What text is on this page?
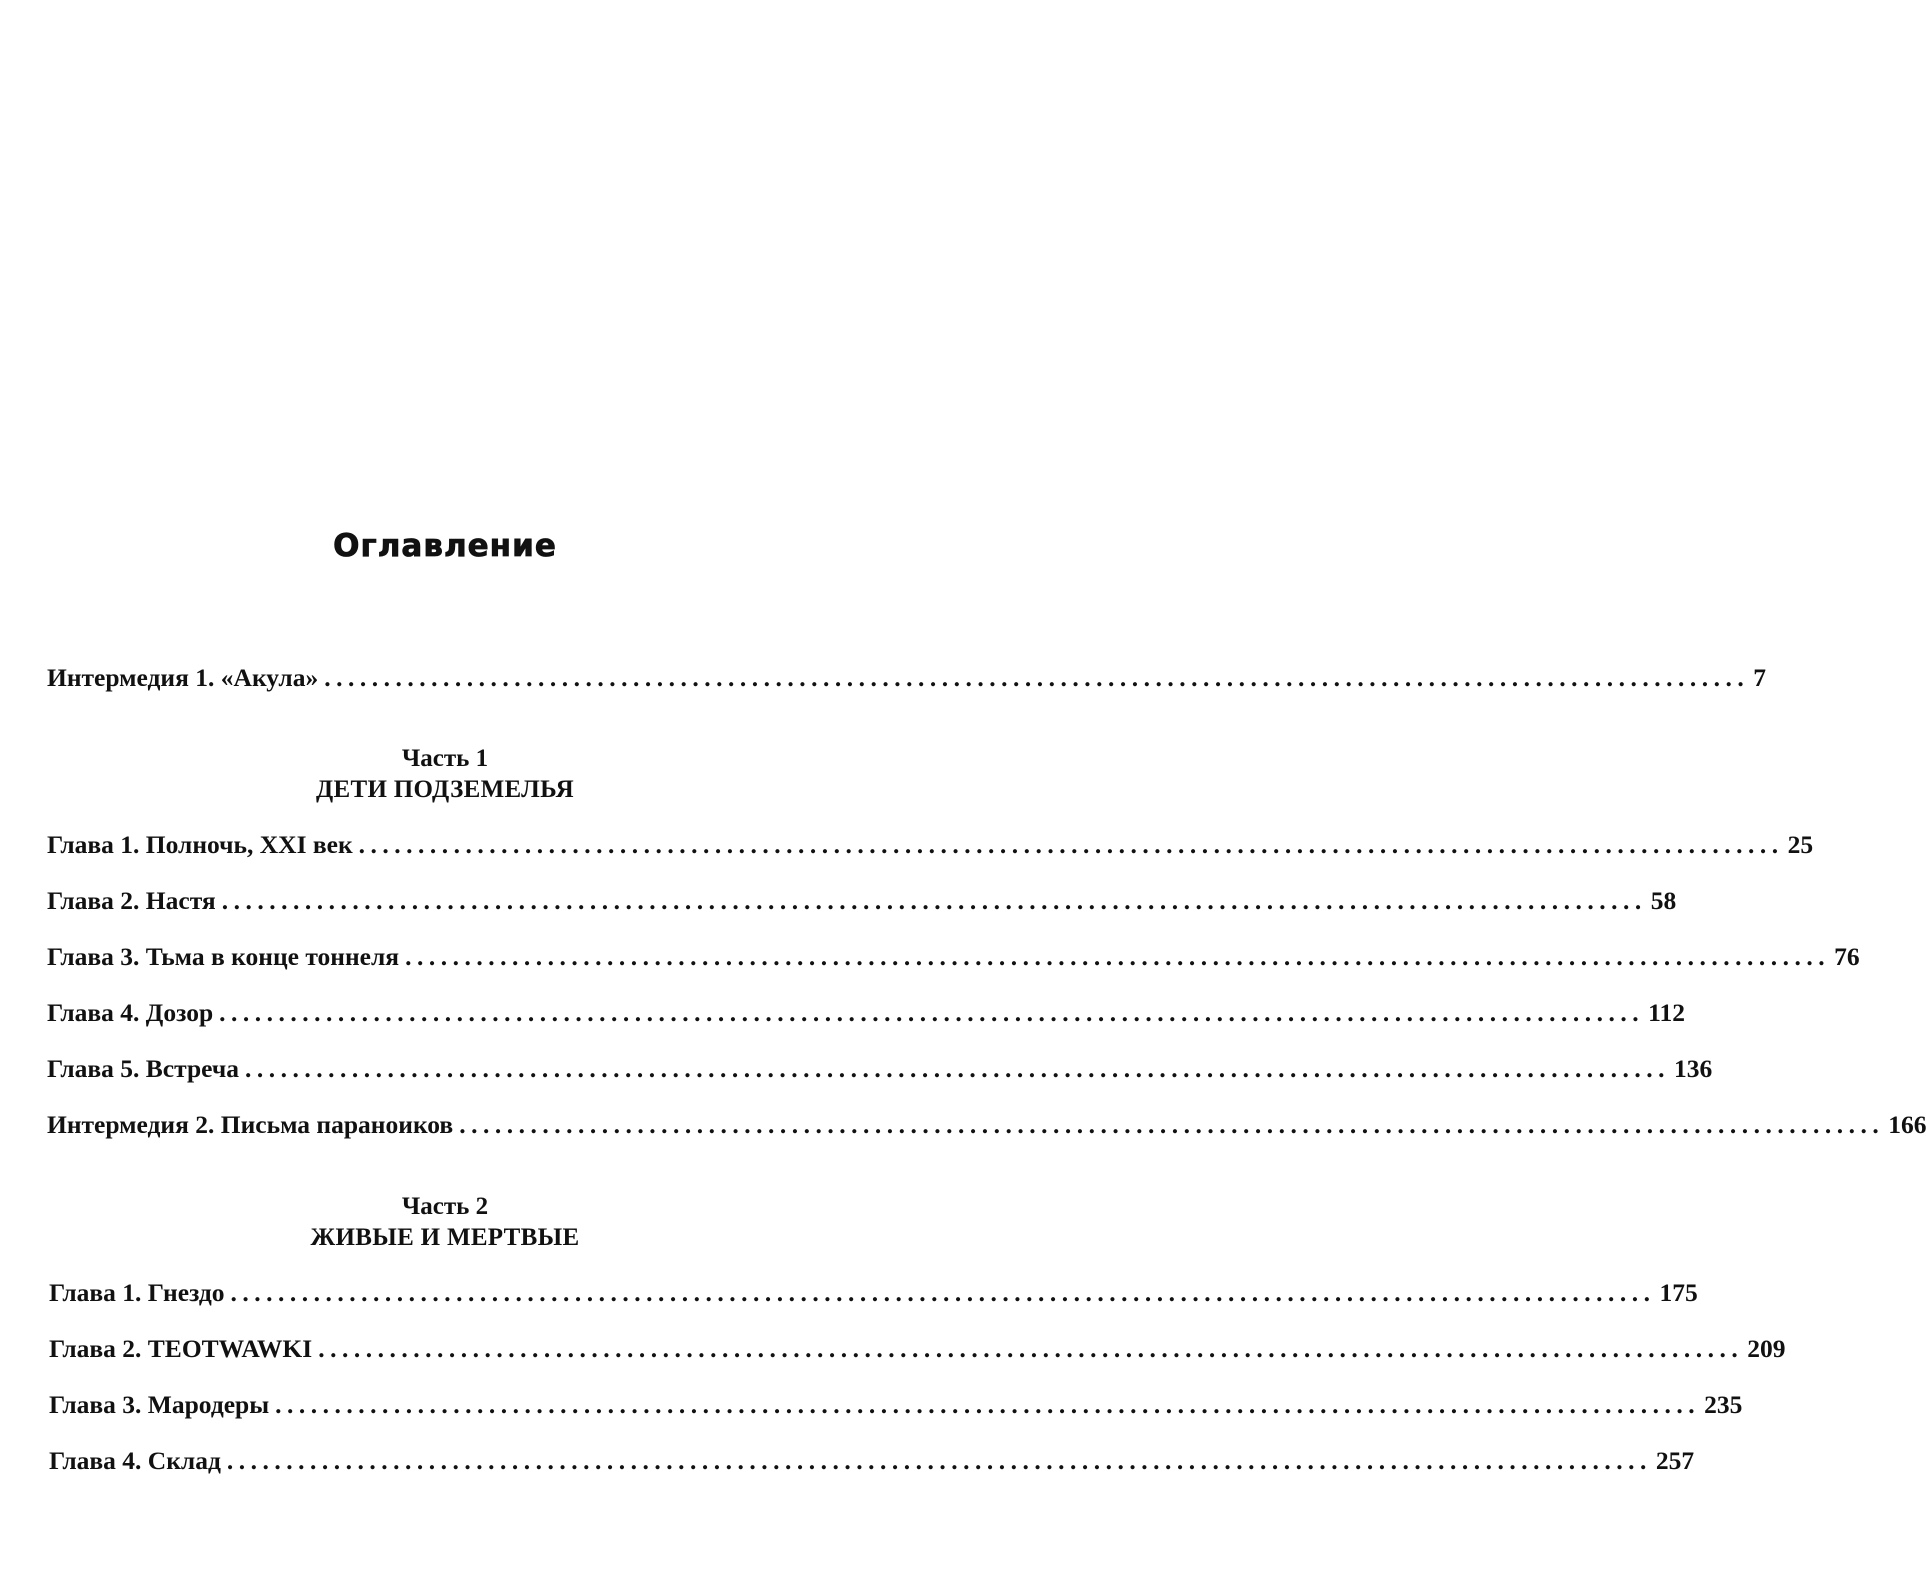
Оглавление
Интермедия 1. «Акула» ........................................................................................................................ 7
Часть 1
ДЕТИ ПОДЗЕМЕЛЬЯ
Глава 1. Полночь, XXI век ........................................................................................................................ 25
Глава 2. Настя ........................................................................................................................ 58
Глава 3. Тьма в конце тоннеля ........................................................................................................................ 76
Глава 4. Дозор ........................................................................................................................ 112
Глава 5. Встреча ........................................................................................................................ 136
Интермедия 2. Письма параноиков ........................................................................................................................ 166
Часть 2
ЖИВЫЕ И МЕРТВЫЕ
Глава 1. Гнездо ........................................................................................................................ 175
Глава 2. TEOTWAWKI ........................................................................................................................ 209
Глава 3. Мародеры ........................................................................................................................ 235
Глава 4. Склад ........................................................................................................................ 257
